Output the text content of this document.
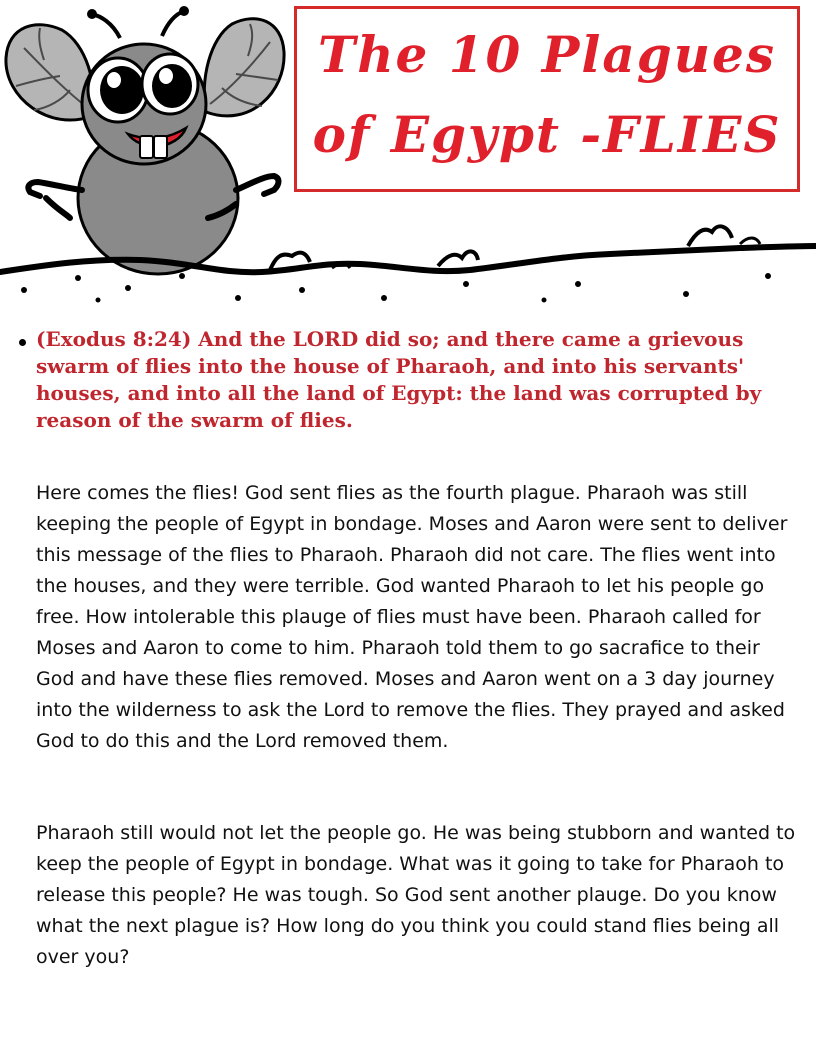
The 10 Plagues
of Egypt -FLIES

(Exodus 8:24) And the LORD did so; and there came a grievous swarm of flies into the house of Pharaoh, and into his servants' houses, and into all the land of Egypt: the land was corrupted by reason of the swarm of flies.

Here comes the flies! God sent flies as the fourth plague. Pharaoh was still keeping the people of Egypt in bondage. Moses and Aaron were sent to deliver this message of the flies to Pharaoh. Pharaoh did not care. The flies went into the houses, and they were terrible. God wanted Pharaoh to let his people go free. How intolerable this plauge of flies must have been. Pharaoh called for Moses and Aaron to come to him. Pharaoh told them to go sacrafice to their God and have these flies removed. Moses and Aaron went on a 3 day journey into the wilderness to ask the Lord to remove the flies. They prayed and asked God to do this and the Lord removed them.

Pharaoh still would not let the people go. He was being stubborn and wanted to keep the people of Egypt in bondage. What was it going to take for Pharaoh to release this people? He was tough. So God sent another plauge. Do you know what the next plague is? How long do you think you could stand flies being all over you?
